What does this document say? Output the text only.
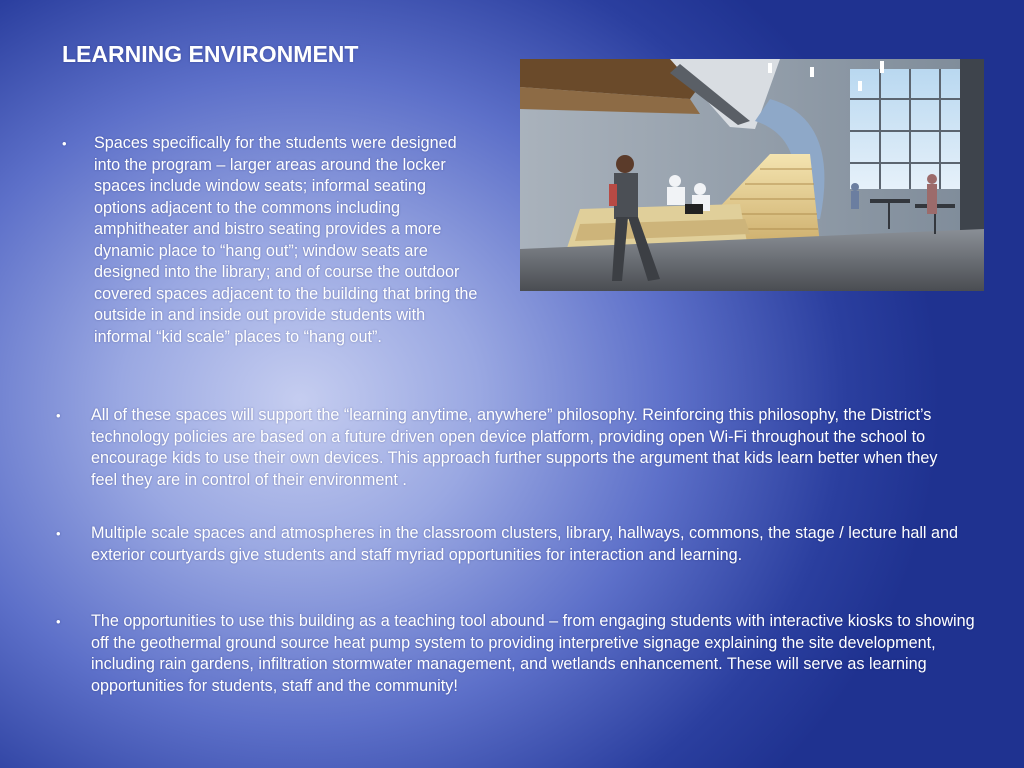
LEARNING ENVIRONMENT
• Spaces specifically for the students were designed into the program – larger areas around the locker spaces include window seats; informal seating options adjacent to the commons including amphitheater and bistro seating provides a more dynamic place to “hang out”; window seats are designed into the library; and of course the outdoor covered spaces adjacent to the building that bring the outside in and inside out provide students with informal “kid scale” places to “hang out”.
• All of these spaces will support the “learning anytime, anywhere” philosophy. Reinforcing this philosophy, the District’s technology policies are based on a future driven open device platform, providing open Wi-Fi throughout the school to encourage kids to use their own devices. This approach further supports the argument that kids learn better when they feel they are in control of their environment .
• Multiple scale spaces and atmospheres in the classroom clusters, library, hallways, commons, the stage / lecture hall and exterior courtyards give students and staff myriad opportunities for interaction and learning.
• The opportunities to use this building as a teaching tool abound – from engaging students with interactive kiosks to showing off the geothermal ground source heat pump system to providing interpretive signage explaining the site development, including rain gardens, infiltration stormwater management, and wetlands enhancement. These will serve as learning opportunities for students, staff and the community!
